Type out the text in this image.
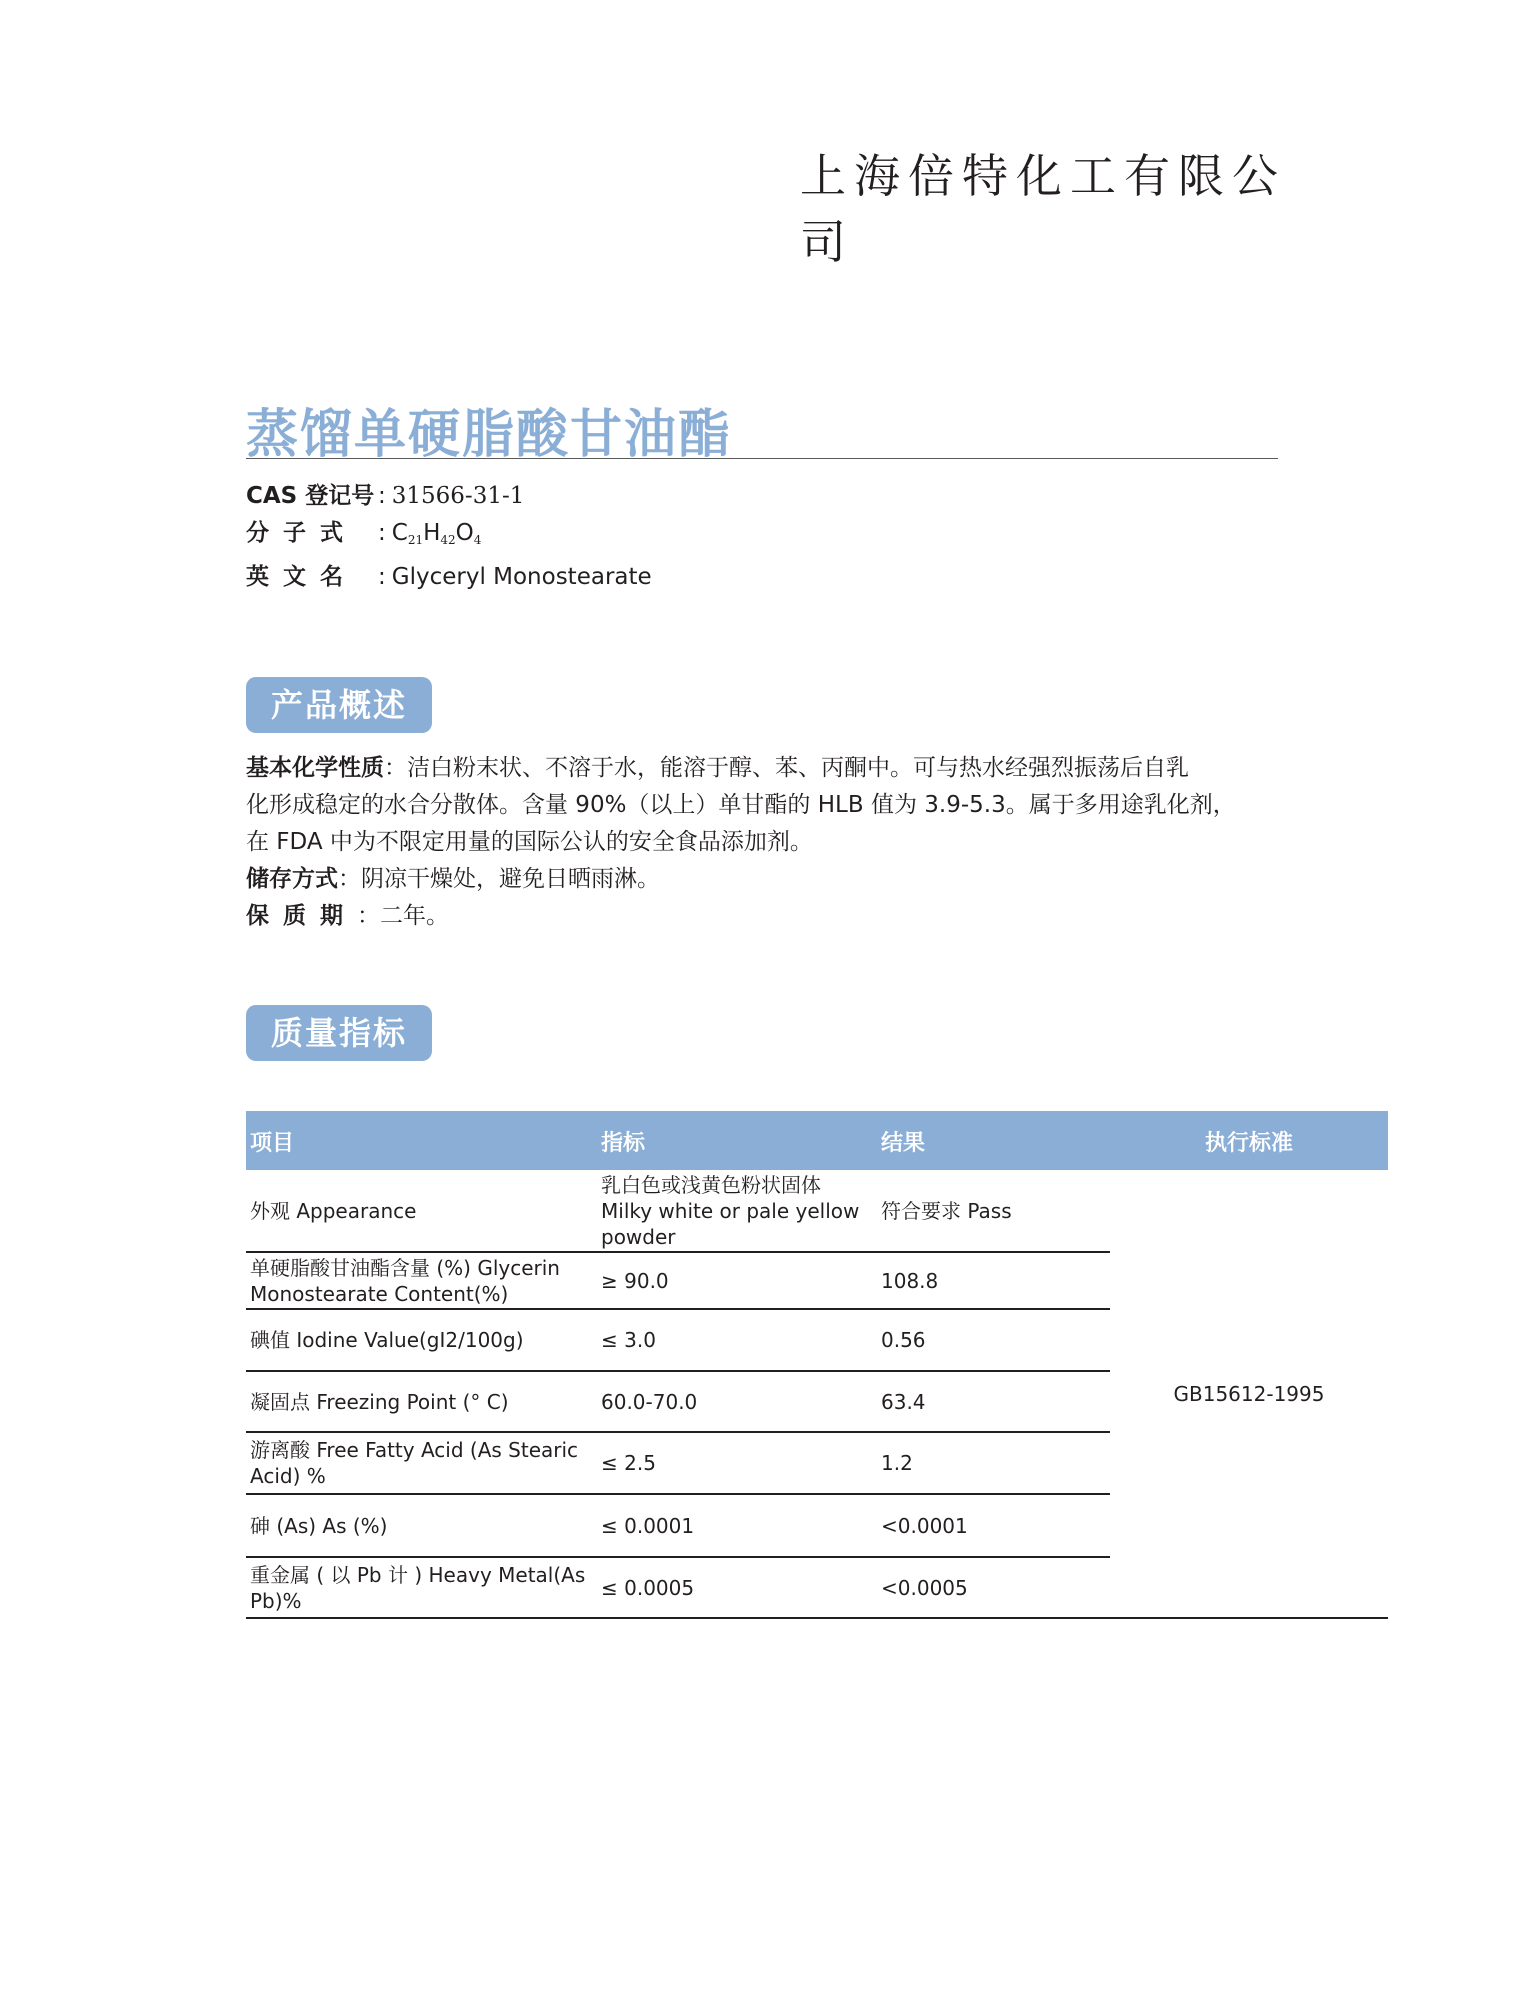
上海倍特化工有限公司
蒸馏单硬脂酸甘油酯
CAS 登记号 : 31566-31-1
分子式 : $C_{21}H_{42}O_4$
英文名 : Glyceryl Monostearate
产品概述
基本化学性质：洁白粉末状、不溶于水，能溶于醇、苯、丙酮中。可与热水经强烈振荡后自乳
化形成稳定的水合分散体。含量 90%（以上）单甘酯的 HLB 值为 3.9-5.3。属于多用途乳化剂，
在 FDA 中为不限定用量的国际公认的安全食品添加剂。
储存方式：阴凉干燥处，避免日晒雨淋。
保质期：二年。
质量指标
项目	指标	结果	执行标准
外观 Appearance	乳白色或浅黄色粉状固体 Milky white or pale yellow powder	符合要求 Pass	GB15612-1995
单硬脂酸甘油酯含量 (%) Glycerin Monostearate Content(%)	≥ 90.0	108.8	
碘值 Iodine Value(gI2/100g)	≤ 3.0	0.56	
凝固点 Freezing Point (° C)	60.0-70.0	63.4	
游离酸 Free Fatty Acid (As Stearic Acid) %	≤ 2.5	1.2	
砷 (As) As (%)	≤ 0.0001	<0.0001	
重金属 ( 以 Pb 计 ) Heavy Metal(As Pb)%	≤ 0.0005	<0.0005	
